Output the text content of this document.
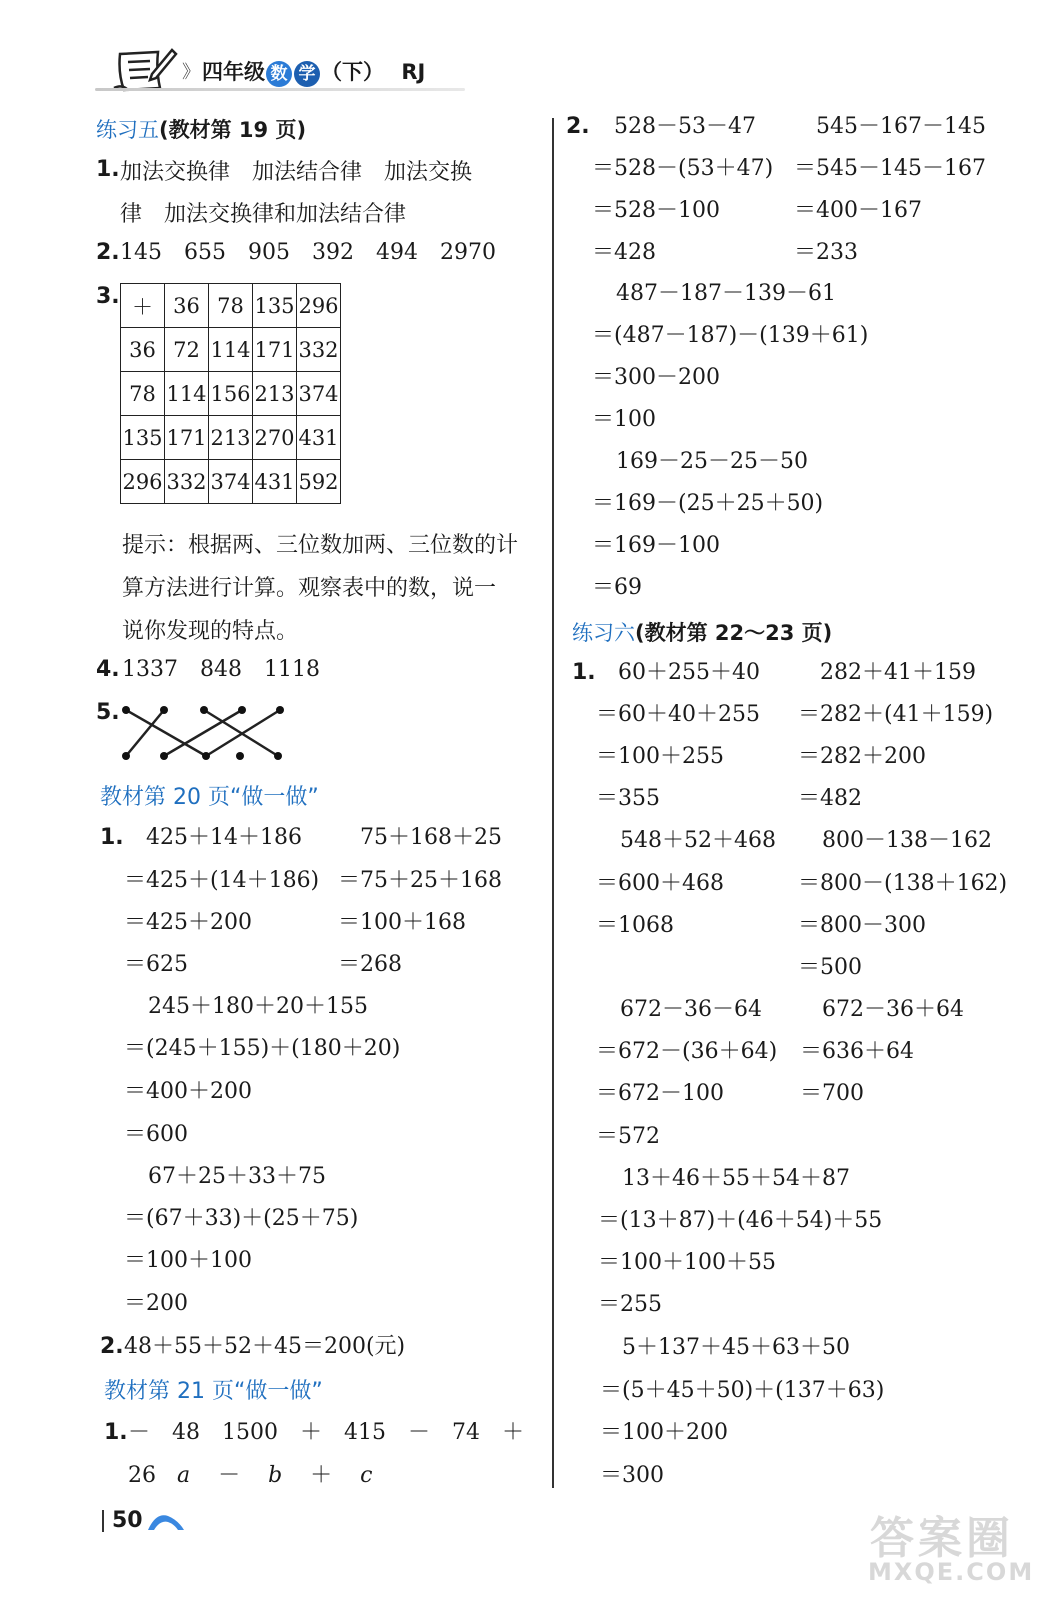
》 四年级 数 学 （下） RJ
练习五(教材第 19 页)
1. 加法交换律　加法结合律　加法交换
律　加法交换律和加法结合律
2. 145　655　905　392　494　2970
3. ＋	36	78	135	296
36	72	114	171	332
78	114	156	213	374
135	171	213	270	431
296	332	374	431	592
提示：根据两、三位数加两、三位数的计
算方法进行计算。观察表中的数，说一
说你发现的特点。
4. 1337　848　1118
5.
教材第 20 页“做一做”
1. 425＋14＋186
＝425＋(14＋186)
＝425＋200
＝625
75＋168＋25
＝75＋25＋168
＝100＋168
＝268
245＋180＋20＋155
＝(245＋155)＋(180＋20)
＝400＋200
＝600
67＋25＋33＋75
＝(67＋33)＋(25＋75)
＝100＋100
＝200
2. 48＋55＋52＋45＝200(元)
教材第 21 页“做一做”
1. －　48　1500　＋　415　－　74　＋
26 a － b ＋ c
2. 528－53－47
＝528－(53＋47)
＝528－100
＝428
545－167－145
＝545－145－167
＝400－167
＝233
487－187－139－61
＝(487－187)－(139＋61)
＝300－200
＝100
169－25－25－50
＝169－(25＋25＋50)
＝169－100
＝69
练习六(教材第 22～23 页)
1. 60＋255＋40
＝60＋40＋255
＝100＋255
＝355
282＋41＋159
＝282＋(41＋159)
＝282＋200
＝482
548＋52＋468
＝600＋468
＝1068
800－138－162
＝800－(138＋162)
＝800－300
＝500
672－36－64
＝672－(36＋64)
＝672－100
＝572
672－36＋64
＝636＋64
＝700
13＋46＋55＋54＋87
＝(13＋87)＋(46＋54)＋55
＝100＋100＋55
＝255
5＋137＋45＋63＋50
＝(5＋45＋50)＋(137＋63)
＝100＋200
＝300
50	答案圈
MXQE.COM
